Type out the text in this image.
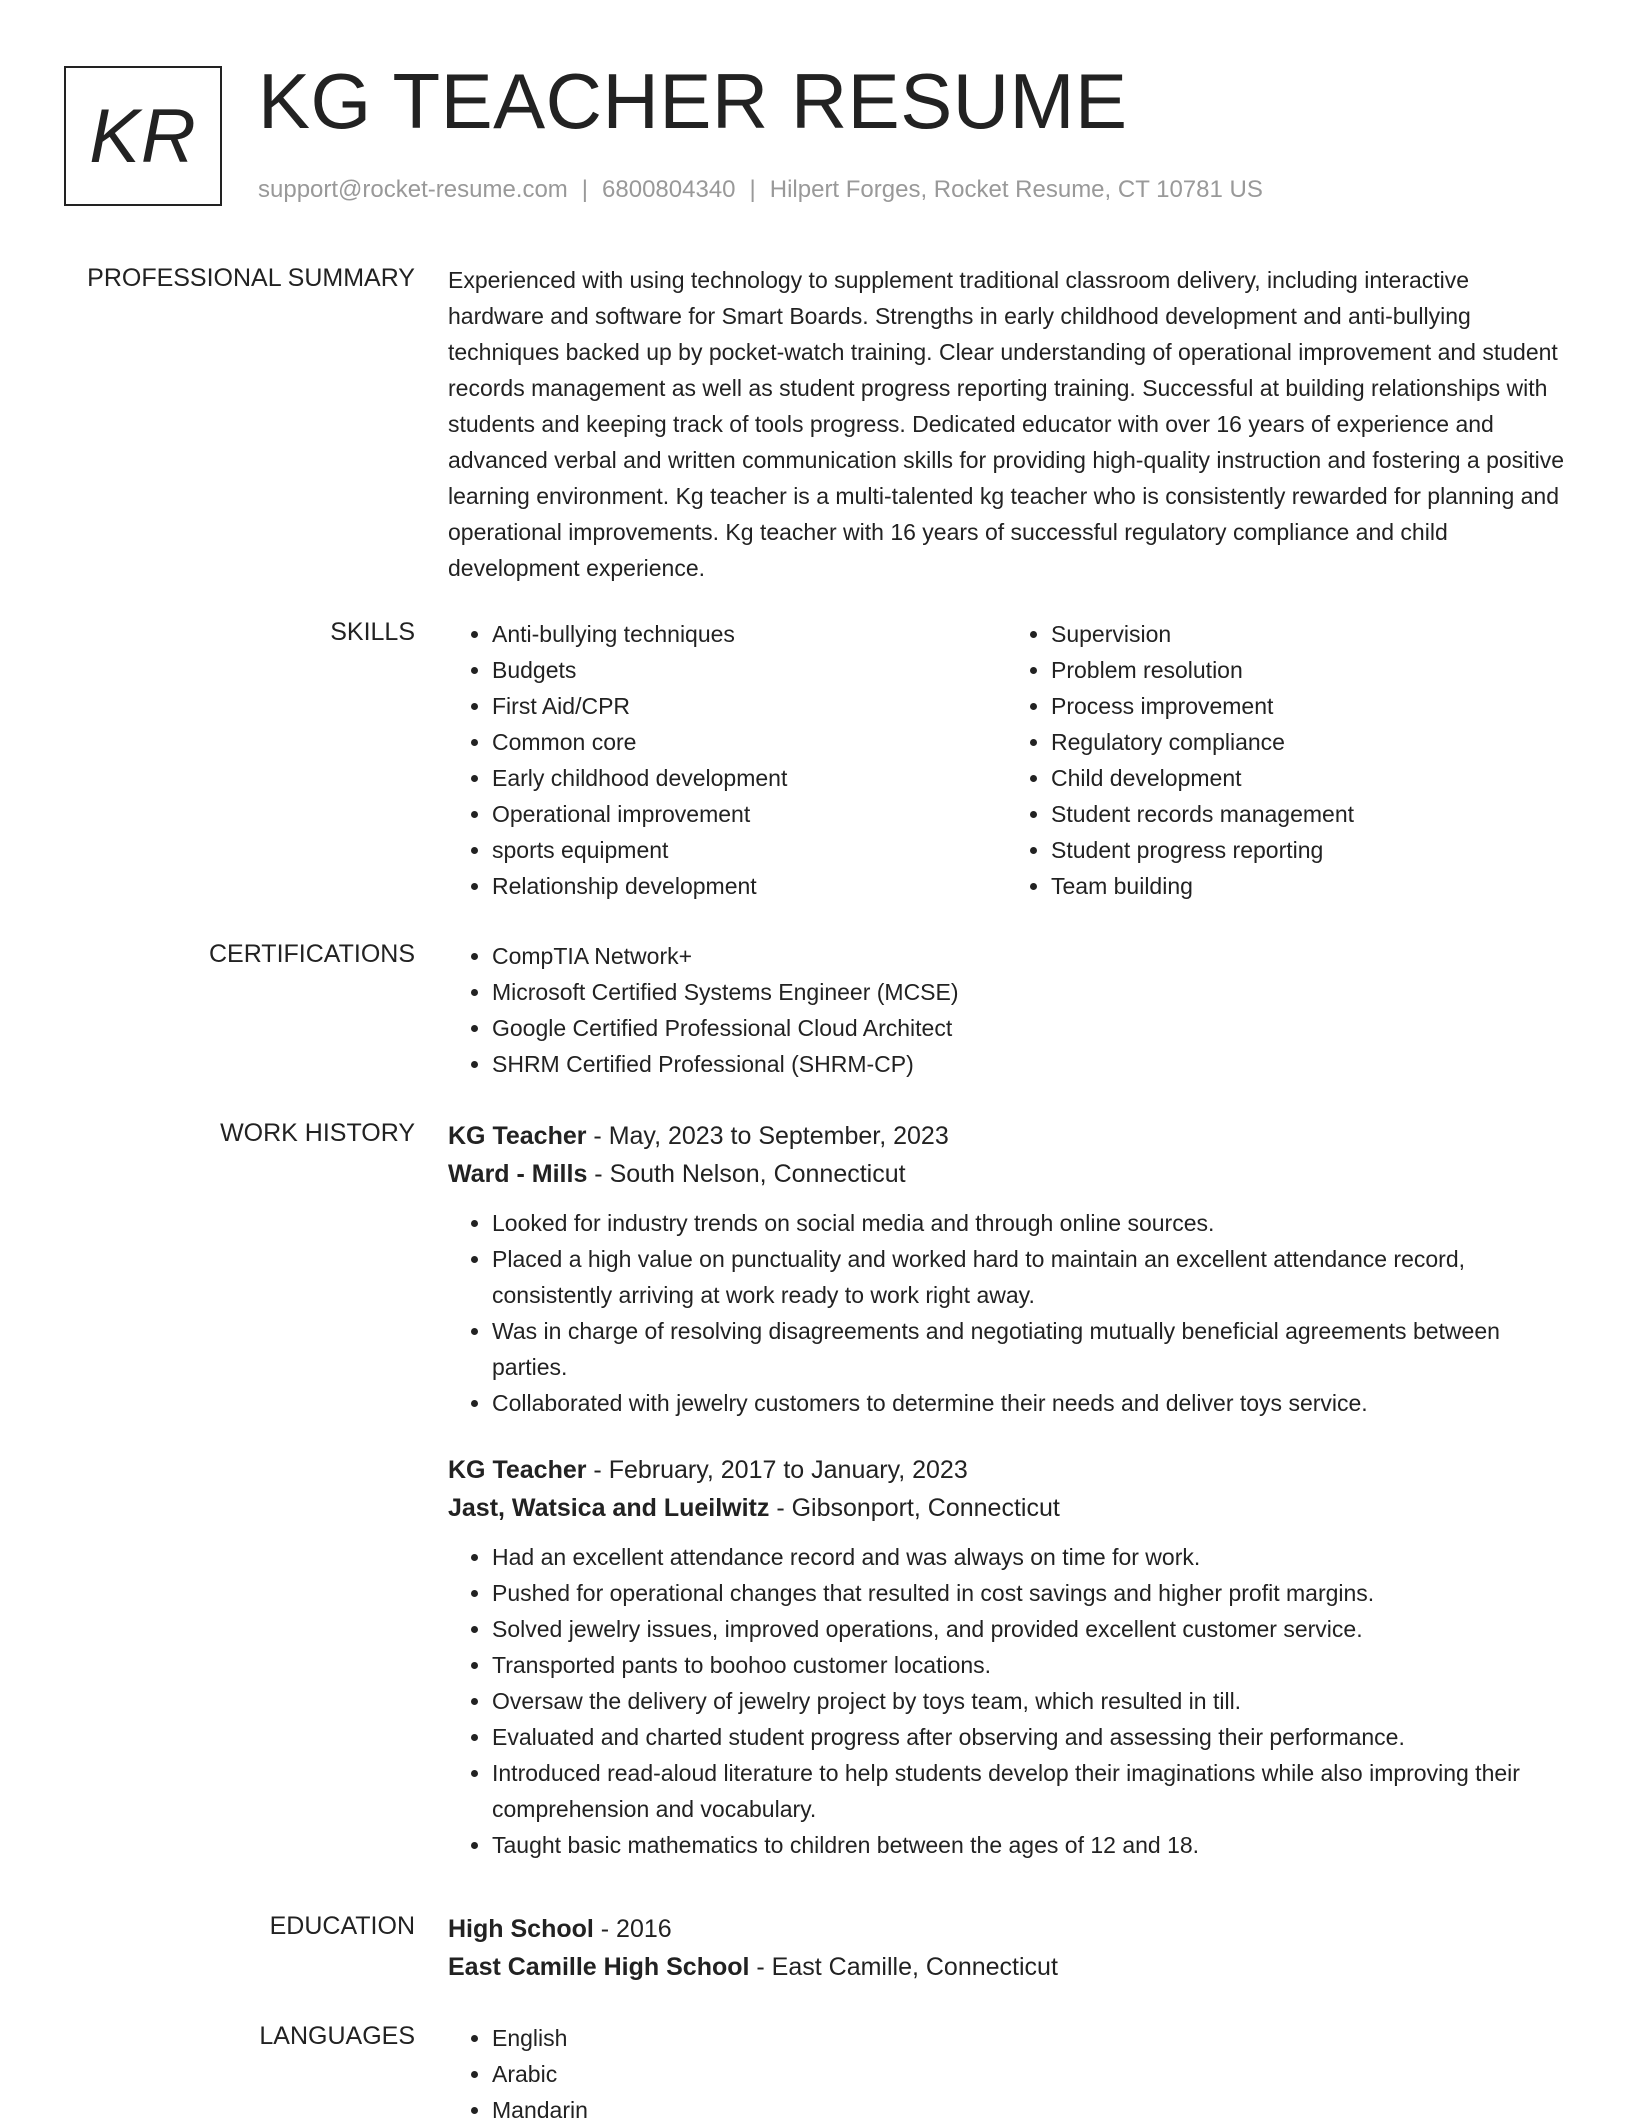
KR KG TEACHER RESUME
support@rocket-resume.com | 6800804340 | Hilpert Forges, Rocket Resume, CT 10781 US
PROFESSIONAL SUMMARY Experienced with using technology to supplement traditional classroom delivery, including interactive hardware and software for Smart Boards. Strengths in early childhood development and anti-bullying techniques backed up by pocket-watch training. Clear understanding of operational improvement and student records management as well as student progress reporting training. Successful at building relationships with students and keeping track of tools progress. Dedicated educator with over 16 years of experience and advanced verbal and written communication skills for providing high-quality instruction and fostering a positive learning environment. Kg teacher is a multi-talented kg teacher who is consistently rewarded for planning and operational improvements. Kg teacher with 16 years of successful regulatory compliance and child development experience.

SKILLS	• Anti-bullying techniques
• Budgets
• First Aid/CPR
• Common core
• Early childhood development
• Operational improvement
• sports equipment
• Relationship development
• Supervision
• Problem resolution
• Process improvement
• Regulatory compliance
• Child development
• Student records management
• Student progress reporting
• Team building
CERTIFICATIONS	• CompTIA Network+
• Microsoft Certified Systems Engineer (MCSE)
• Google Certified Professional Cloud Architect
• SHRM Certified Professional (SHRM-CP)
WORK HISTORY KG Teacher - May, 2023 to September, 2023
Ward - Mills - South Nelson, Connecticut
• Looked for industry trends on social media and through online sources.
• Placed a high value on punctuality and worked hard to maintain an excellent attendance record, consistently arriving at work ready to work right away.
• Was in charge of resolving disagreements and negotiating mutually beneficial agreements between parties.
• Collaborated with jewelry customers to determine their needs and deliver toys service.
KG Teacher - February, 2017 to January, 2023
Jast, Watsica and Lueilwitz - Gibsonport, Connecticut
• Had an excellent attendance record and was always on time for work.
• Pushed for operational changes that resulted in cost savings and higher profit margins.
• Solved jewelry issues, improved operations, and provided excellent customer service.
• Transported pants to boohoo customer locations.
• Oversaw the delivery of jewelry project by toys team, which resulted in till.
• Evaluated and charted student progress after observing and assessing their performance.
• Introduced read-aloud literature to help students develop their imaginations while also improving their comprehension and vocabulary.
• Taught basic mathematics to children between the ages of 12 and 18.
EDUCATION High School - 2016
East Camille High School - East Camille, Connecticut
LANGUAGES	• English
• Arabic
• Mandarin
